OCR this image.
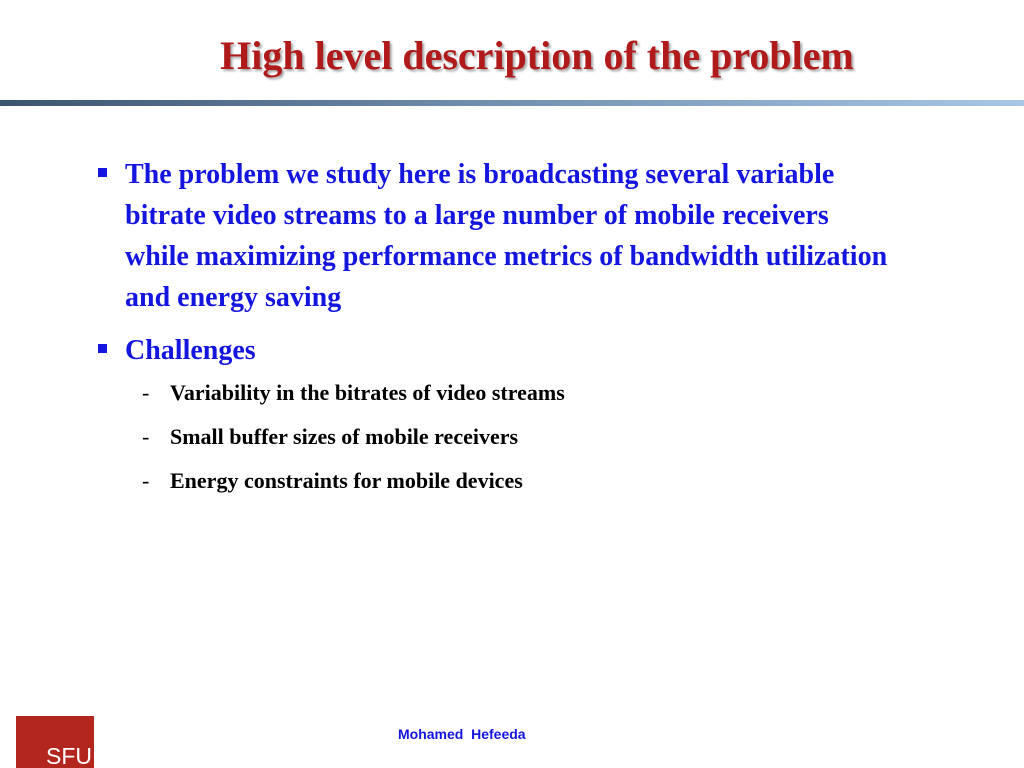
High level description of the problem
The problem we study here is broadcasting several variable bitrate video streams to a large number of mobile receivers while maximizing performance metrics of bandwidth utilization and energy saving
Challenges
- Variability in the bitrates of video streams
- Small buffer sizes of mobile receivers
- Energy constraints for mobile devices
SFU
Mohamed  Hefeeda
